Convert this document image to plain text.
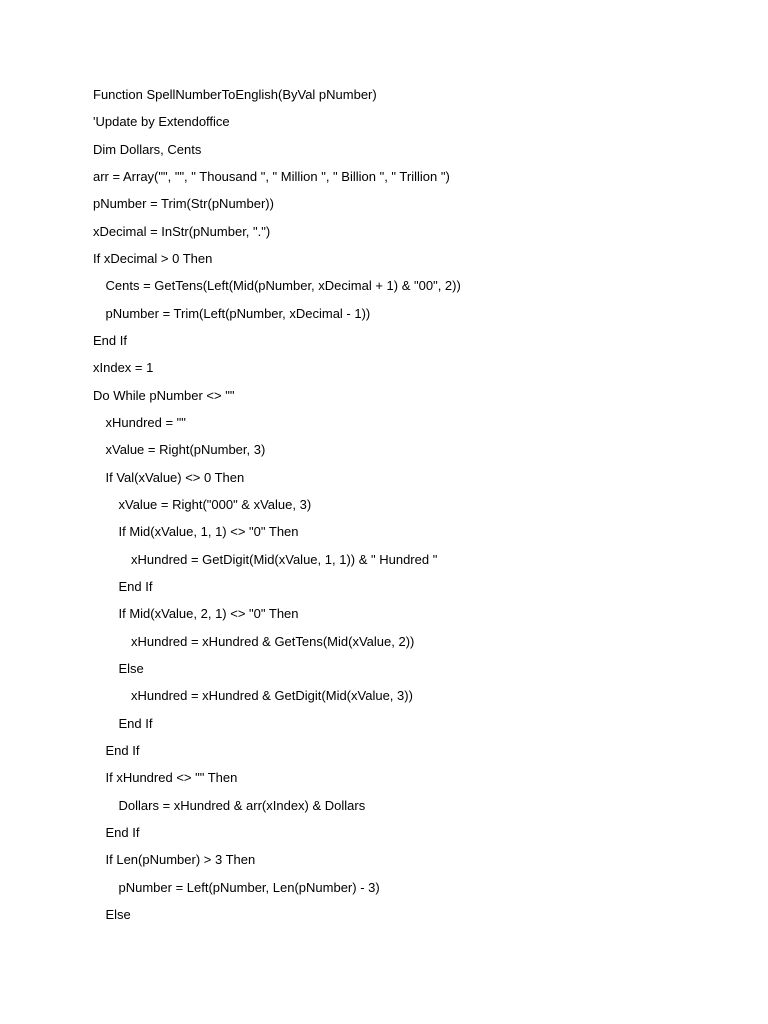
Function SpellNumberToEnglish(ByVal pNumber)
'Update by Extendoffice
Dim Dollars, Cents
arr = Array("", "", " Thousand ", " Million ", " Billion ", " Trillion ")
pNumber = Trim(Str(pNumber))
xDecimal = InStr(pNumber, ".")
If xDecimal > 0 Then
Cents = GetTens(Left(Mid(pNumber, xDecimal + 1) & "00", 2))
pNumber = Trim(Left(pNumber, xDecimal - 1))
End If
xIndex = 1
Do While pNumber <> ""
xHundred = ""
xValue = Right(pNumber, 3)
If Val(xValue) <> 0 Then
xValue = Right("000" & xValue, 3)
If Mid(xValue, 1, 1) <> "0" Then
xHundred = GetDigit(Mid(xValue, 1, 1)) & " Hundred "
End If
If Mid(xValue, 2, 1) <> "0" Then
xHundred = xHundred & GetTens(Mid(xValue, 2))
Else
xHundred = xHundred & GetDigit(Mid(xValue, 3))
End If
End If
If xHundred <> "" Then
Dollars = xHundred & arr(xIndex) & Dollars
End If
If Len(pNumber) > 3 Then
pNumber = Left(pNumber, Len(pNumber) - 3)
Else
